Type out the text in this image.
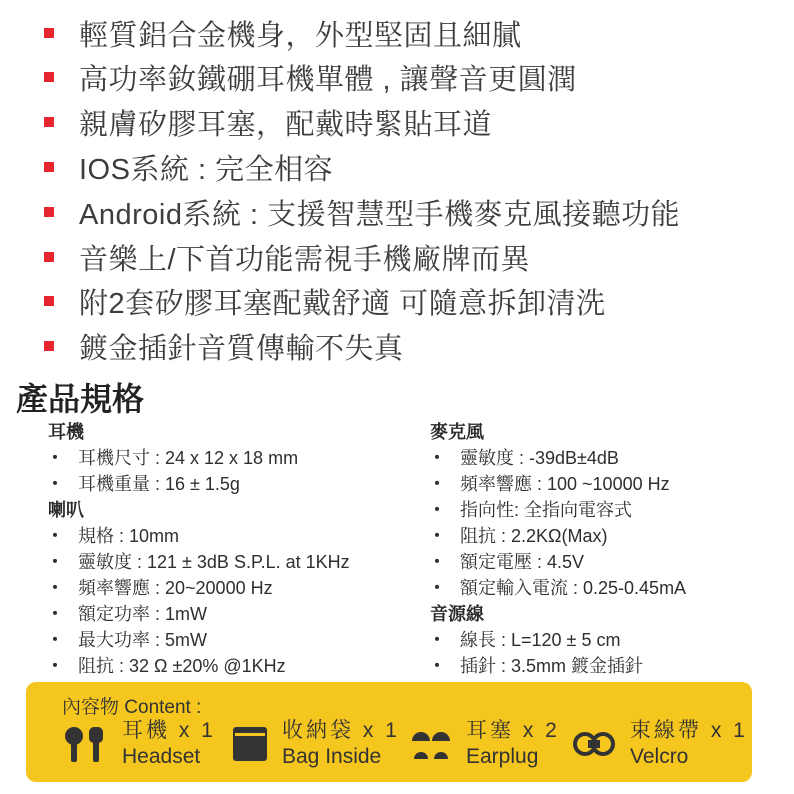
輕質鋁合金機身，外型堅固且細膩
高功率釹鐵硼耳機單體 , 讓聲音更圓潤
親膚矽膠耳塞，配戴時緊貼耳道
IOS系統 : 完全相容
Android系統 : 支援智慧型手機麥克風接聽功能
音樂上/下首功能需視手機廠牌而異
附2套矽膠耳塞配戴舒適 可隨意拆卸清洗
鍍金插針音質傳輸不失真
產品規格
耳機
・ 耳機尺寸 : 24 x 12 x 18 mm
・ 耳機重量 : 16 ± 1.5g
喇叭
・ 規格 : 10mm
・ 靈敏度 : 121 ± 3dB S.P.L. at 1KHz
・ 頻率響應 : 20~20000 Hz
・ 額定功率 : 1mW
・ 最大功率 : 5mW
・ 阻抗 : 32 Ω ±20% @1KHz
麥克風
・ 靈敏度 : -39dB±4dB
・ 頻率響應 : 100 ~10000 Hz
・ 指向性: 全指向電容式
・ 阻抗 : 2.2KΩ(Max)
・ 額定電壓 : 4.5V
・ 額定輸入電流 : 0.25-0.45mA
音源線
・ 線長 : L=120 ± 5 cm
・ 插針 : 3.5mm 鍍金插針
內容物 Content :
耳機 x 1
Headset
收納袋 x 1
Bag Inside
耳塞 x 2
Earplug
束線帶 x 1
Velcro
